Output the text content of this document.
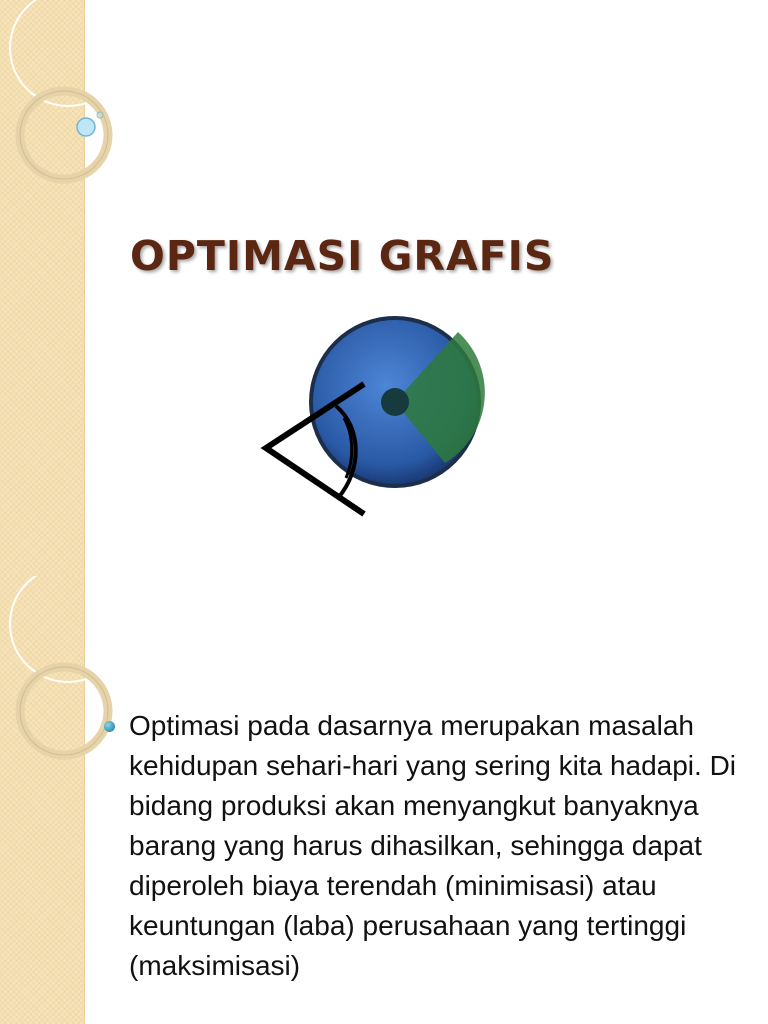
OPTIMASI GRAFIS

Optimasi pada dasarnya merupakan masalah kehidupan sehari-hari yang sering kita hadapi. Di bidang produksi akan menyangkut banyaknya barang yang harus dihasilkan, sehingga dapat diperoleh biaya terendah (minimisasi) atau keuntungan (laba) perusahaan yang tertinggi (maksimisasi)
